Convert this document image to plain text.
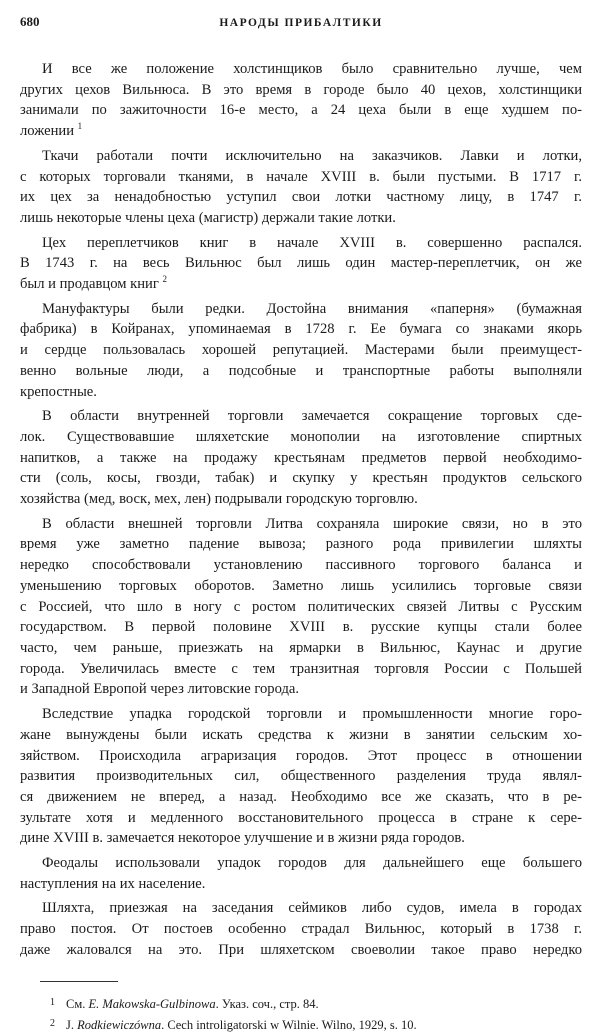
680	НАРОДЫ ПРИБАЛТИКИ
И все же положение холстинщиков было сравнительно лучше, чем
других цехов Вильнюса. В это время в городе было 40 цехов, холстинщики
занимали по зажиточности 16-е место, а 24 цеха были в еще худшем по-
ложении $^1$
Ткачи работали почти исключительно на заказчиков. Лавки и лотки,
с которых торговали тканями, в начале XVIII в. были пустыми. В 1717 г.
их цех за ненадобностью уступил свои лотки частному лицу, в 1747 г.
лишь некоторые члены цеха (магистр) держали такие лотки.
Цех переплетчиков книг в начале XVIII в. совершенно распался.
В 1743 г. на весь Вильнюс был лишь один мастер-переплетчик, он же
был и продавцом книг $^2$
Мануфактуры были редки. Достойна внимания «паперня» (бумажная
фабрика) в Койранах, упоминаемая в 1728 г. Ее бумага со знаками якорь
и сердце пользовалась хорошей репутацией. Мастерами были преимущест-
венно вольные люди, а подсобные и транспортные работы выполняли
крепостные.
В области внутренней торговли замечается сокращение торговых сде-
лок. Существовавшие шляхетские монополии на изготовление спиртных
напитков, а также на продажу крестьянам предметов первой необходимо-
сти (соль, косы, гвозди, табак) и скупку у крестьян продуктов сельского
хозяйства (мед, воск, мех, лен) подрывали городскую торговлю.
В области внешней торговли Литва сохраняла широкие связи, но в это
время уже заметно падение вывоза; разного рода привилегии шляхты
нередко способствовали установлению пассивного торгового баланса и
уменьшению торговых оборотов. Заметно лишь усилились торговые связи
с Россией, что шло в ногу с ростом политических связей Литвы с Русским
государством. В первой половине XVIII в. русские купцы стали более
часто, чем раньше, приезжать на ярмарки в Вильнюс, Каунас и другие
города. Увеличилась вместе с тем транзитная торговля России с Польшей
и Западной Европой через литовские города.
Вследствие упадка городской торговли и промышленности многие горо-
жане вынуждены были искать средства к жизни в занятии сельским хо-
зяйством. Происходила аграризация городов. Этот процесс в отношении
развития производительных сил, общественного разделения труда являл-
ся движением не вперед, а назад. Необходимо все же сказать, что в ре-
зультате хотя и медленного восстановительного процесса в стране к сере-
дине XVIII в. замечается некоторое улучшение и в жизни ряда городов.
Феодалы использовали упадок городов для дальнейшего еще большего
наступления на их население.
Шляхта, приезжая на заседания сеймиков либо судов, имела в городах
право постоя. От постоев особенно страдал Вильнюс, который в 1738 г.
даже жаловался на это. При шляхетском своеволии такое право нередко
1 См. E. Makowska-Gulbinowa. Указ. соч., стр. 84.
2 J. Rodkiewiczówna. Cech introligatorski w Wilnie. Wilno, 1929, s. 10.
